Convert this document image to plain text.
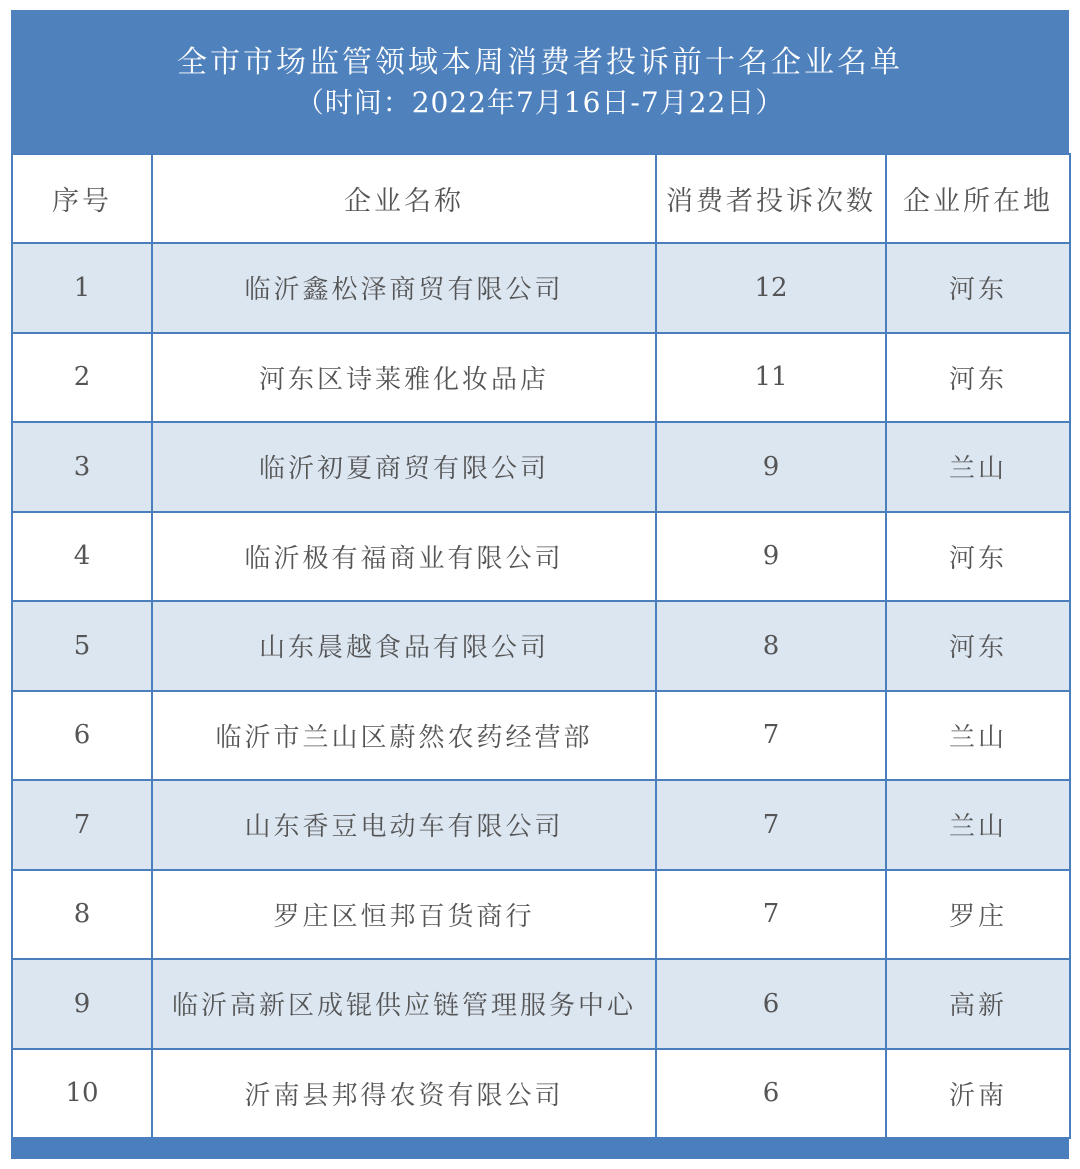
全市市场监管领域本周消费者投诉前十名企业名单
（时间：2022年7月16日-7月22日）
序号	企业名称	消费者投诉次数	企业所在地
1	临沂鑫松泽商贸有限公司	12	河东
2	河东区诗莱雅化妆品店	11	河东
3	临沂初夏商贸有限公司	9	兰山
4	临沂极有福商业有限公司	9	河东
5	山东晨越食品有限公司	8	河东
6	临沂市兰山区蔚然农药经营部	7	兰山
7	山东香豆电动车有限公司	7	兰山
8	罗庄区恒邦百货商行	7	罗庄
9	临沂高新区成锟供应链管理服务中心	6	高新
10	沂南县邦得农资有限公司	6	沂南
